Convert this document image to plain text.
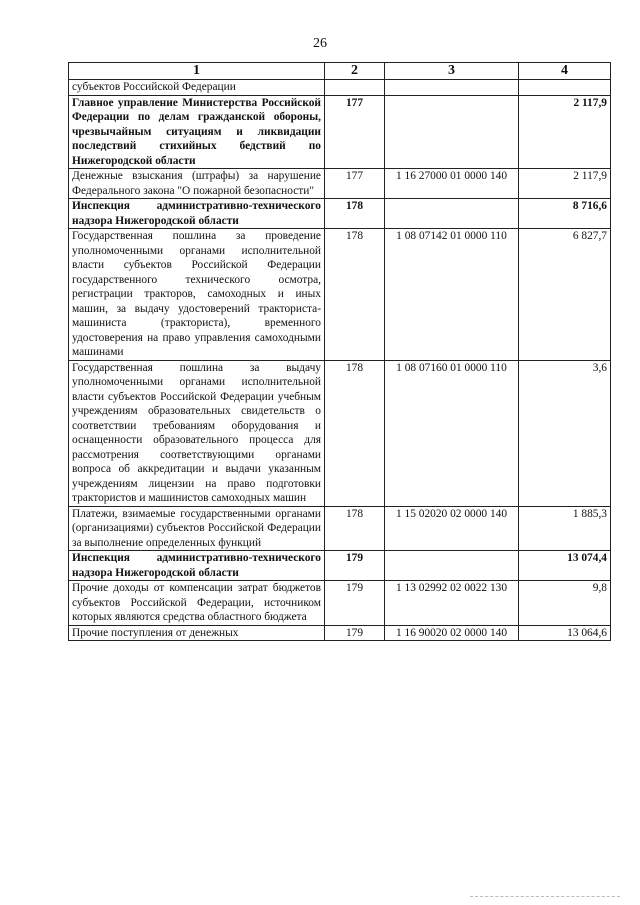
26
1	2	3	4
субъектов Российской Федерации			
Главное управление Министерства Российской Федерации по делам гражданской обороны, чрезвычайным ситуациям и ликвидации последствий стихийных бедствий по Нижегородской области	177		2 117,9
Денежные взыскания (штрафы) за нарушение Федерального закона "О пожарной безопасности"	177	1 16 27000 01 0000 140	2 117,9
Инспекция административно-технического надзора Нижегородской области	178		8 716,6
Государственная пошлина за проведение уполномоченными органами исполнительной власти субъектов Российской Федерации государственного технического осмотра, регистрации тракторов, самоходных и иных машин, за выдачу удостоверений тракториста-машиниста (тракториста), временного удостоверения на право управления самоходными машинами	178	1 08 07142 01 0000 110	6 827,7
Государственная пошлина за выдачу уполномоченными органами исполнительной власти субъектов Российской Федерации учебным учреждениям образовательных свидетельств о соответствии требованиям оборудования и оснащенности образовательного процесса для рассмотрения соответствующими органами вопроса об аккредитации и выдачи указанным учреждениям лицензии на право подготовки трактористов и машинистов самоходных машин	178	1 08 07160 01 0000 110	3,6
Платежи, взимаемые государственными органами (организациями) субъектов Российской Федерации за выполнение определенных функций	178	1 15 02020 02 0000 140	1 885,3
Инспекция административно-технического надзора Нижегородской области	179		13 074,4
Прочие доходы от компенсации затрат бюджетов субъектов Российской Федерации, источником которых являются средства областного бюджета	179	1 13 02992 02 0022 130	9,8
Прочие поступления от денежных	179	1 16 90020 02 0000 140	13 064,6
